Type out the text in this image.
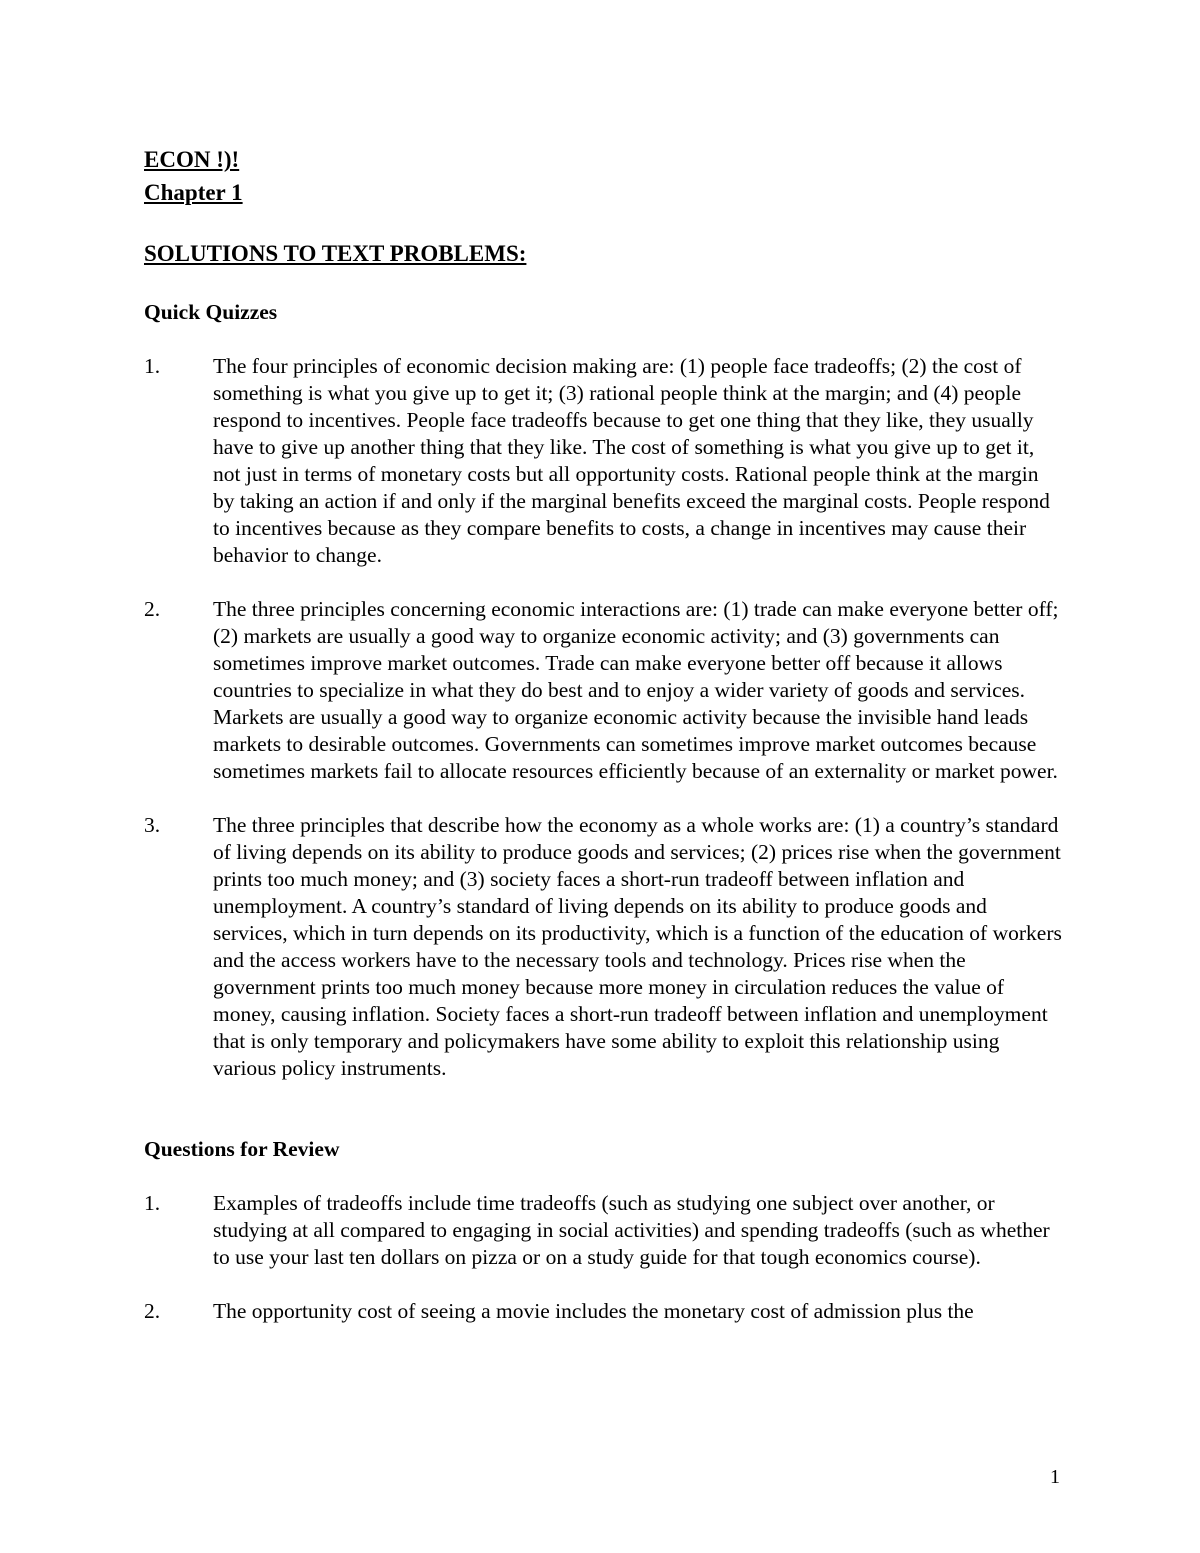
ECON !)!
Chapter 1
SOLUTIONS TO TEXT PROBLEMS:
Quick Quizzes
1.	The four principles of economic decision making are: (1) people face tradeoffs; (2) the cost of something is what you give up to get it; (3) rational people think at the margin; and (4) people respond to incentives. People face tradeoffs because to get one thing that they like, they usually have to give up another thing that they like. The cost of something is what you give up to get it, not just in terms of monetary costs but all opportunity costs. Rational people think at the margin by taking an action if and only if the marginal benefits exceed the marginal costs. People respond to incentives because as they compare benefits to costs, a change in incentives may cause their behavior to change.
2.	The three principles concerning economic interactions are: (1) trade can make everyone better off; (2) markets are usually a good way to organize economic activity; and (3) governments can sometimes improve market outcomes. Trade can make everyone better off because it allows countries to specialize in what they do best and to enjoy a wider variety of goods and services. Markets are usually a good way to organize economic activity because the invisible hand leads markets to desirable outcomes. Governments can sometimes improve market outcomes because sometimes markets fail to allocate resources efficiently because of an externality or market power.
3.	The three principles that describe how the economy as a whole works are: (1) a country’s standard of living depends on its ability to produce goods and services; (2) prices rise when the government prints too much money; and (3) society faces a short-run tradeoff between inflation and unemployment. A country’s standard of living depends on its ability to produce goods and services, which in turn depends on its productivity, which is a function of the education of workers and the access workers have to the necessary tools and technology. Prices rise when the government prints too much money because more money in circulation reduces the value of money, causing inflation. Society faces a short-run tradeoff between inflation and unemployment that is only temporary and policymakers have some ability to exploit this relationship using various policy instruments.
Questions for Review
1.	Examples of tradeoffs include time tradeoffs (such as studying one subject over another, or studying at all compared to engaging in social activities) and spending tradeoffs (such as whether to use your last ten dollars on pizza or on a study guide for that tough economics course).
2.	The opportunity cost of seeing a movie includes the monetary cost of admission plus the
1
